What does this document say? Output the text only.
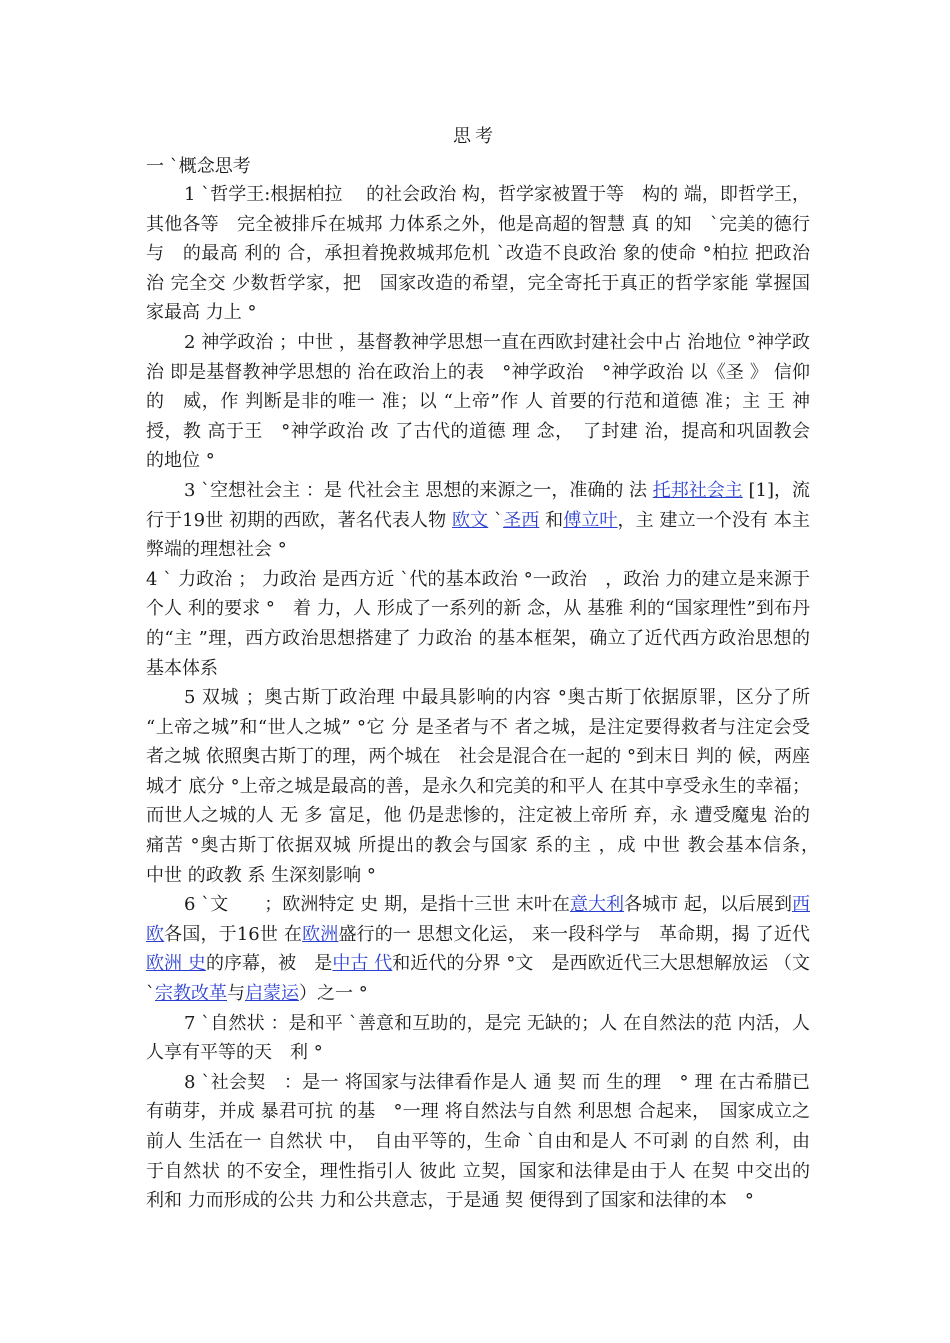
思考
一 `概念思考

1 `哲学王:根据柏拉　 的社会政治 构，哲学家被置于等　构的 端，即哲学王，其他各等　完全被排斥在城邦 力体系之外，他是高超的智慧 真 的知　`完美的德行与　的最高 利的 合，承担着挽救城邦危机 `改造不良政治 象的使命 °柏拉 把政治 治 完全交 少数哲学家，把　国家改造的希望，完全寄托于真正的哲学家能 掌握国家最高 力上 °

2 神学政治 ；中世 ，基督教神学思想一直在西欧封建社会中占 治地位 °神学政治 即是基督教神学思想的 治在政治上的表　°神学政治　°神学政治 以《圣 》 信仰的　威，作 判断是非的唯一 准；以 “上帝”作 人 首要的行范和道德 准；主 王 神授，教 高于王　°神学政治 改 了古代的道德 理 念，　了封建 治，提高和巩固教会的地位 °

3 `空想社会主 ：是 代社会主 思想的来源之一，准确的 法 托邦社会主 [1]，流行于19世 初期的西欧，著名代表人物 欧文 `圣西 和傅立叶，主 建立一个没有 本主 弊端的理想社会 °

4 ` 力政治 ； 力政治 是西方近 `代的基本政治 °一政治　，政治 力的建立是来源于　个人 利的要求 °　着 力，人 形成了一系列的新 念，从 基雅 利的“国家理性”到布丹的“主 ”理，西方政治思想搭建了 力政治 的基本框架，确立了近代西方政治思想的基本体系

5 双城 ；奥古斯丁政治理 中最具影响的内容 °奥古斯丁依据原罪，区分了所 “上帝之城”和“世人之城” °它 分 是圣者与不 者之城，是注定要得救者与注定会受　者之城 依照奥古斯丁的理，两个城在　社会是混合在一起的 °到末日 判的 候，两座城才 底分 °上帝之城是最高的善，是永久和完美的和平人 在其中享受永生的幸福；而世人之城的人 无 多 富足，他 仍是悲惨的，注定被上帝所 弃，永 遭受魔鬼 治的痛苦 °奥古斯丁依据双城 所提出的教会与国家 系的主 ，成 中世 教会基本信条，　中世 的政教 系 生深刻影响 °

6 `文　　；欧洲特定 史 期，是指十三世 末叶在意大利各城市 起，以后展到西欧各国，于16世 在欧洲盛行的一 思想文化运， 来一段科学与　革命期，揭 了近代欧洲 史的序幕，被　是中古 代和近代的分界 °文　是西欧近代三大思想解放运 （文　`宗教改革与启蒙运）之一 °

7 `自然状 ：是和平 `善意和互助的，是完 无缺的；人 在自然法的范 内活，人人享有平等的天　利 °

8 `社会契　：是一 将国家与法律看作是人 通 契 而 生的理　° 理 在古希腊已有萌芽，并成 暴君可抗 的基　°一理 将自然法与自然 利思想 合起来，　国家成立之前人 生活在一 自然状 中，　自由平等的，生命 `自由和是人 不可剥 的自然 利，由于自然状 的不安全，理性指引人 彼此 立契，国家和法律是由于人 在契 中交出的 利和 力而形成的公共 力和公共意志，于是通 契 便得到了国家和法律的本　°
